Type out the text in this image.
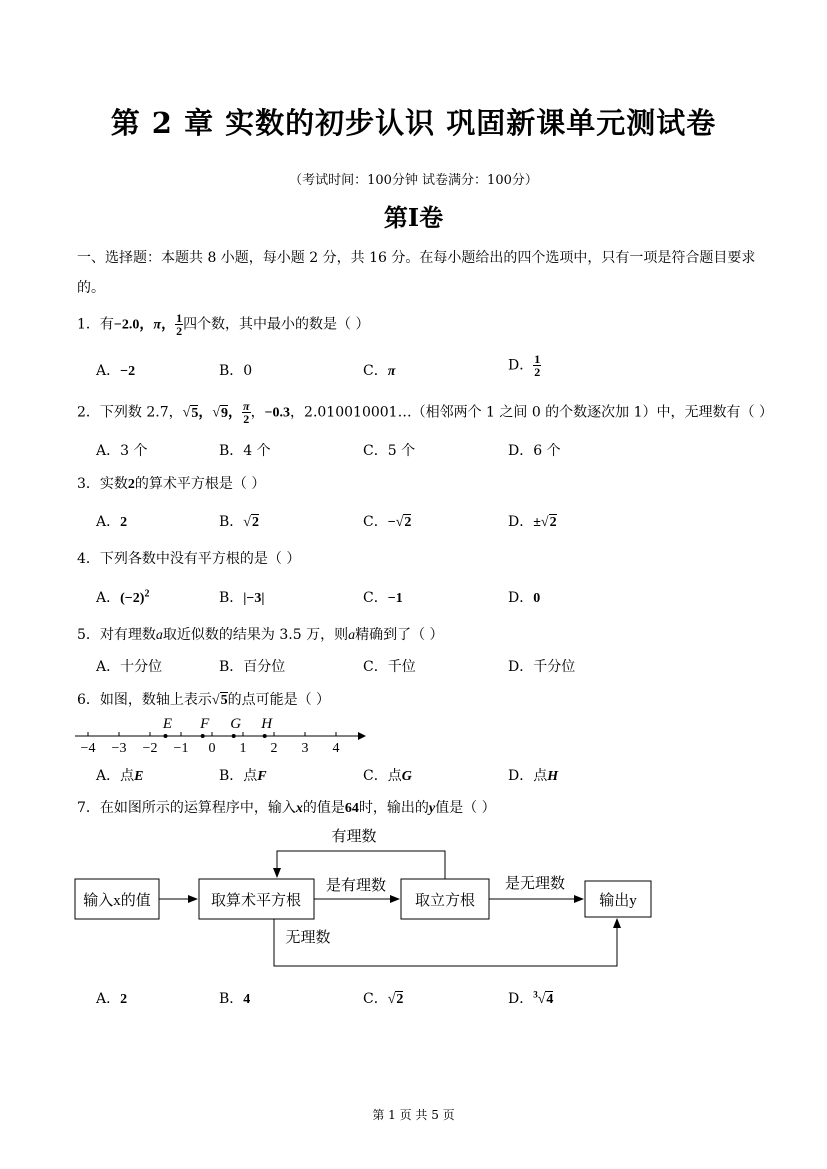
第 2 章 实数的初步认识 巩固新课单元测试卷
（考试时间：100分钟 试卷满分：100分）
第I卷
一、选择题：本题共 8 小题，每小题 2 分，共 16 分。在每小题给出的四个选项中，只有一项是符合题目要求的。
1．有−2.0，π， $\frac{1}{2}$ 四个数，其中最小的数是（ ）
A．−2	B．0	C．π	D． $\frac{1}{2}$
2．下列数 2.7，√5，√9， $\frac{\pi}{2}$ ，−0.3，2.010010001…（相邻两个 1 之间 0 的个数逐次加 1）中，无理数有（ ）
A．3 个	B．4 个	C．5 个	D．6 个
3．实数2的算术平方根是（ ）
A．2	B．√2	C．−√2	D．±√2
4．下列各数中没有平方根的是（ ）
A．$(-2)^2$	B．|−3|	C．−1	D．0
5．对有理数a取近似数的结果为 3.5 万，则a精确到了（ ）
A．十分位	B．百分位	C．千位	D．千分位
6．如图，数轴上表示√5的点可能是（ ）
−4 −3 −2 −1 0 1 2 3 4
E F G H
A．点E	B．点F	C．点G	D．点H
7．在如图所示的运算程序中，输入x的值是64时，输出的y值是（ ）
输入x的值	取算术平方根	取立方根	输出y
是有理数	是无理数
有理数
无理数
A．2	B．4	C．√2	D．$^3$√4
第 1 页 共 5 页
